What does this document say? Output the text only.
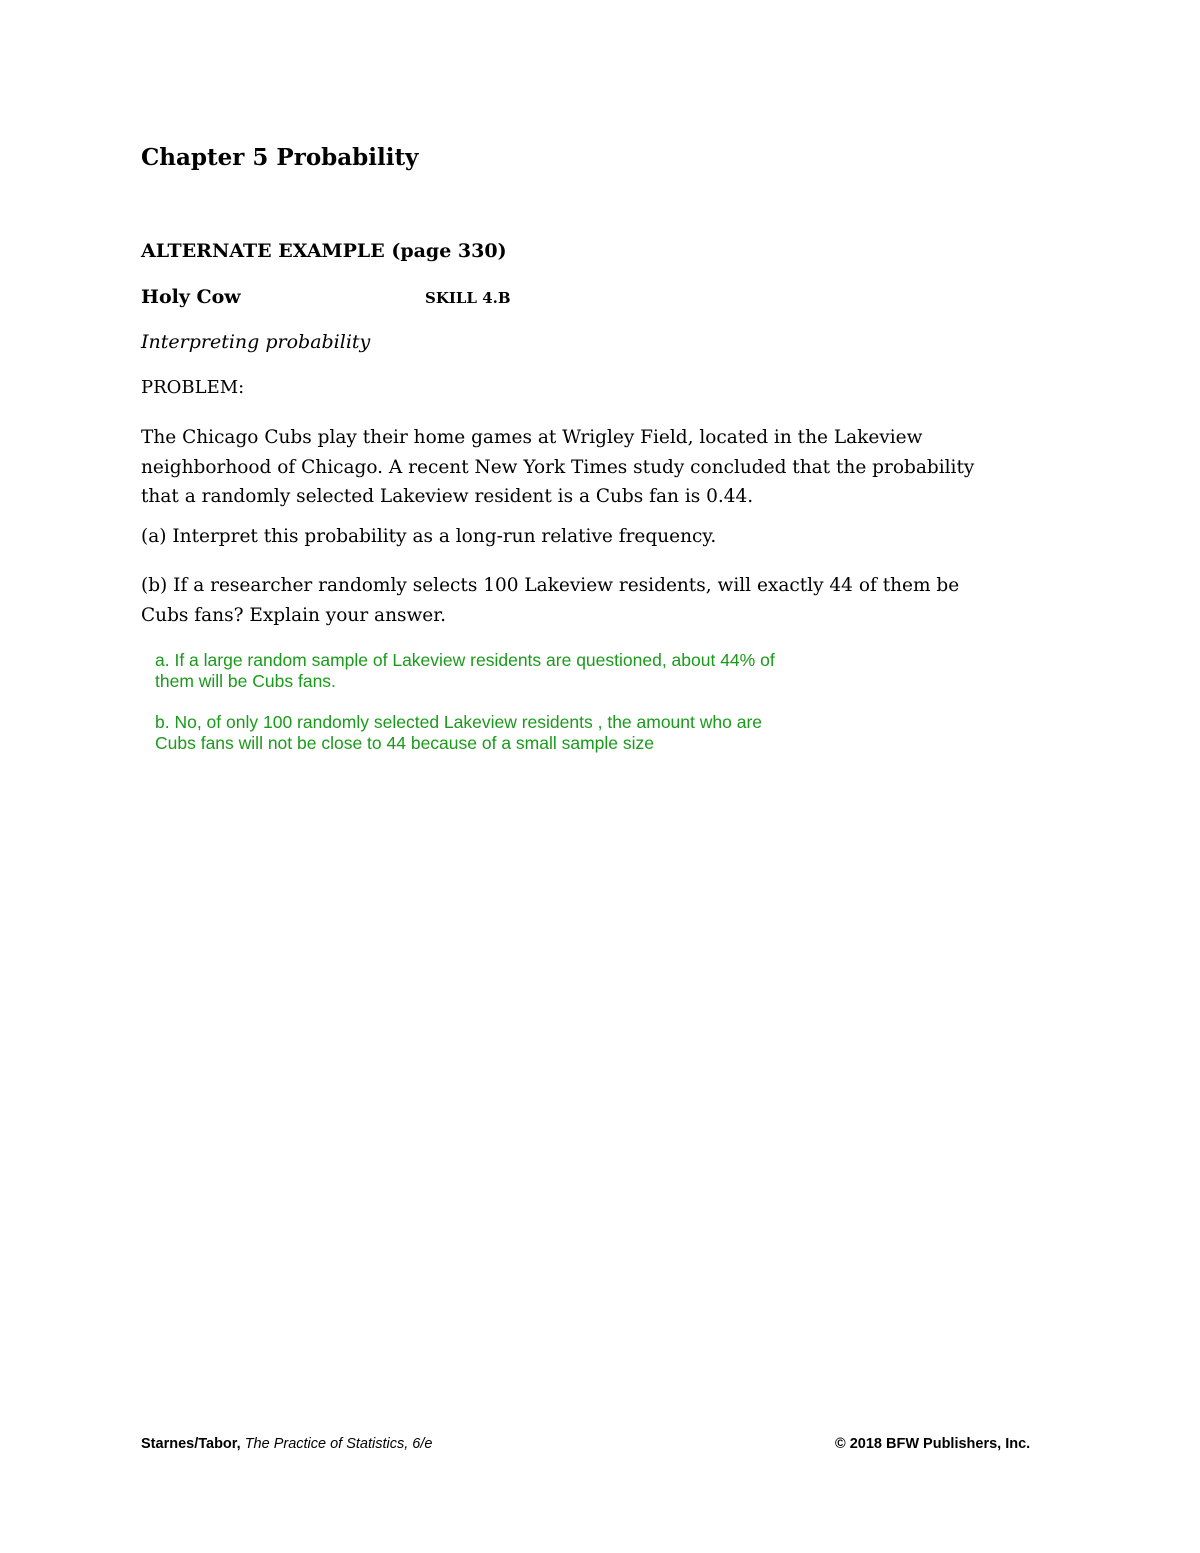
Chapter 5 Probability
ALTERNATE EXAMPLE (page 330)
Holy Cow	SKILL 4.B
Interpreting probability
PROBLEM:
The Chicago Cubs play their home games at Wrigley Field, located in the Lakeview
neighborhood of Chicago. A recent New York Times study concluded that the probability
that a randomly selected Lakeview resident is a Cubs fan is 0.44.
(a) Interpret this probability as a long-run relative frequency.
(b) If a researcher randomly selects 100 Lakeview residents, will exactly 44 of them be
Cubs fans? Explain your answer.
a. If a large random sample of Lakeview residents are questioned, about 44% of
them will be Cubs fans.
b. No, of only 100 randomly selected Lakeview residents , the amount who are
Cubs fans will not be close to 44 because of a small sample size
Starnes/Tabor, The Practice of Statistics, 6/e	© 2018 BFW Publishers, Inc.
